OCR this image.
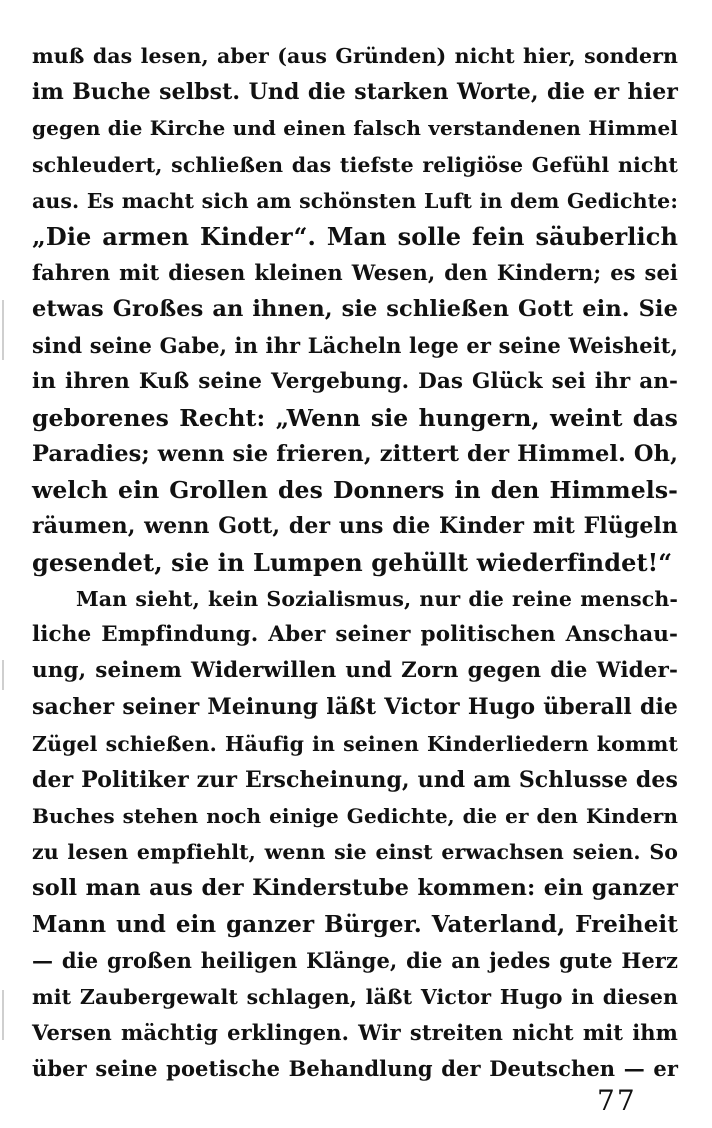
muß das lesen, aber (aus Gründen) nicht hier, sondern
im Buche selbst. Und die starken Worte, die er hier
gegen die Kirche und einen falsch verstandenen Himmel
schleudert, schließen das tiefste religiöse Gefühl nicht
aus. Es macht sich am schönsten Luft in dem Gedichte:
„Die armen Kinder“. Man solle fein säuberlich
fahren mit diesen kleinen Wesen, den Kindern; es sei
etwas Großes an ihnen, sie schließen Gott ein. Sie
sind seine Gabe, in ihr Lächeln lege er seine Weisheit,
in ihren Kuß seine Vergebung. Das Glück sei ihr an-
geborenes Recht: „Wenn sie hungern, weint das
Paradies; wenn sie frieren, zittert der Himmel. Oh,
welch ein Grollen des Donners in den Himmels-
räumen, wenn Gott, der uns die Kinder mit Flügeln
gesendet, sie in Lumpen gehüllt wiederfindet!“
Man sieht, kein Sozialismus, nur die reine mensch-
liche Empfindung. Aber seiner politischen Anschau-
ung, seinem Widerwillen und Zorn gegen die Wider-
sacher seiner Meinung läßt Victor Hugo überall die
Zügel schießen. Häufig in seinen Kinderliedern kommt
der Politiker zur Erscheinung, und am Schlusse des
Buches stehen noch einige Gedichte, die er den Kindern
zu lesen empfiehlt, wenn sie einst erwachsen seien. So
soll man aus der Kinderstube kommen: ein ganzer
Mann und ein ganzer Bürger. Vaterland, Freiheit
— die großen heiligen Klänge, die an jedes gute Herz
mit Zaubergewalt schlagen, läßt Victor Hugo in diesen
Versen mächtig erklingen. Wir streiten nicht mit ihm
über seine poetische Behandlung der Deutschen — er
77
